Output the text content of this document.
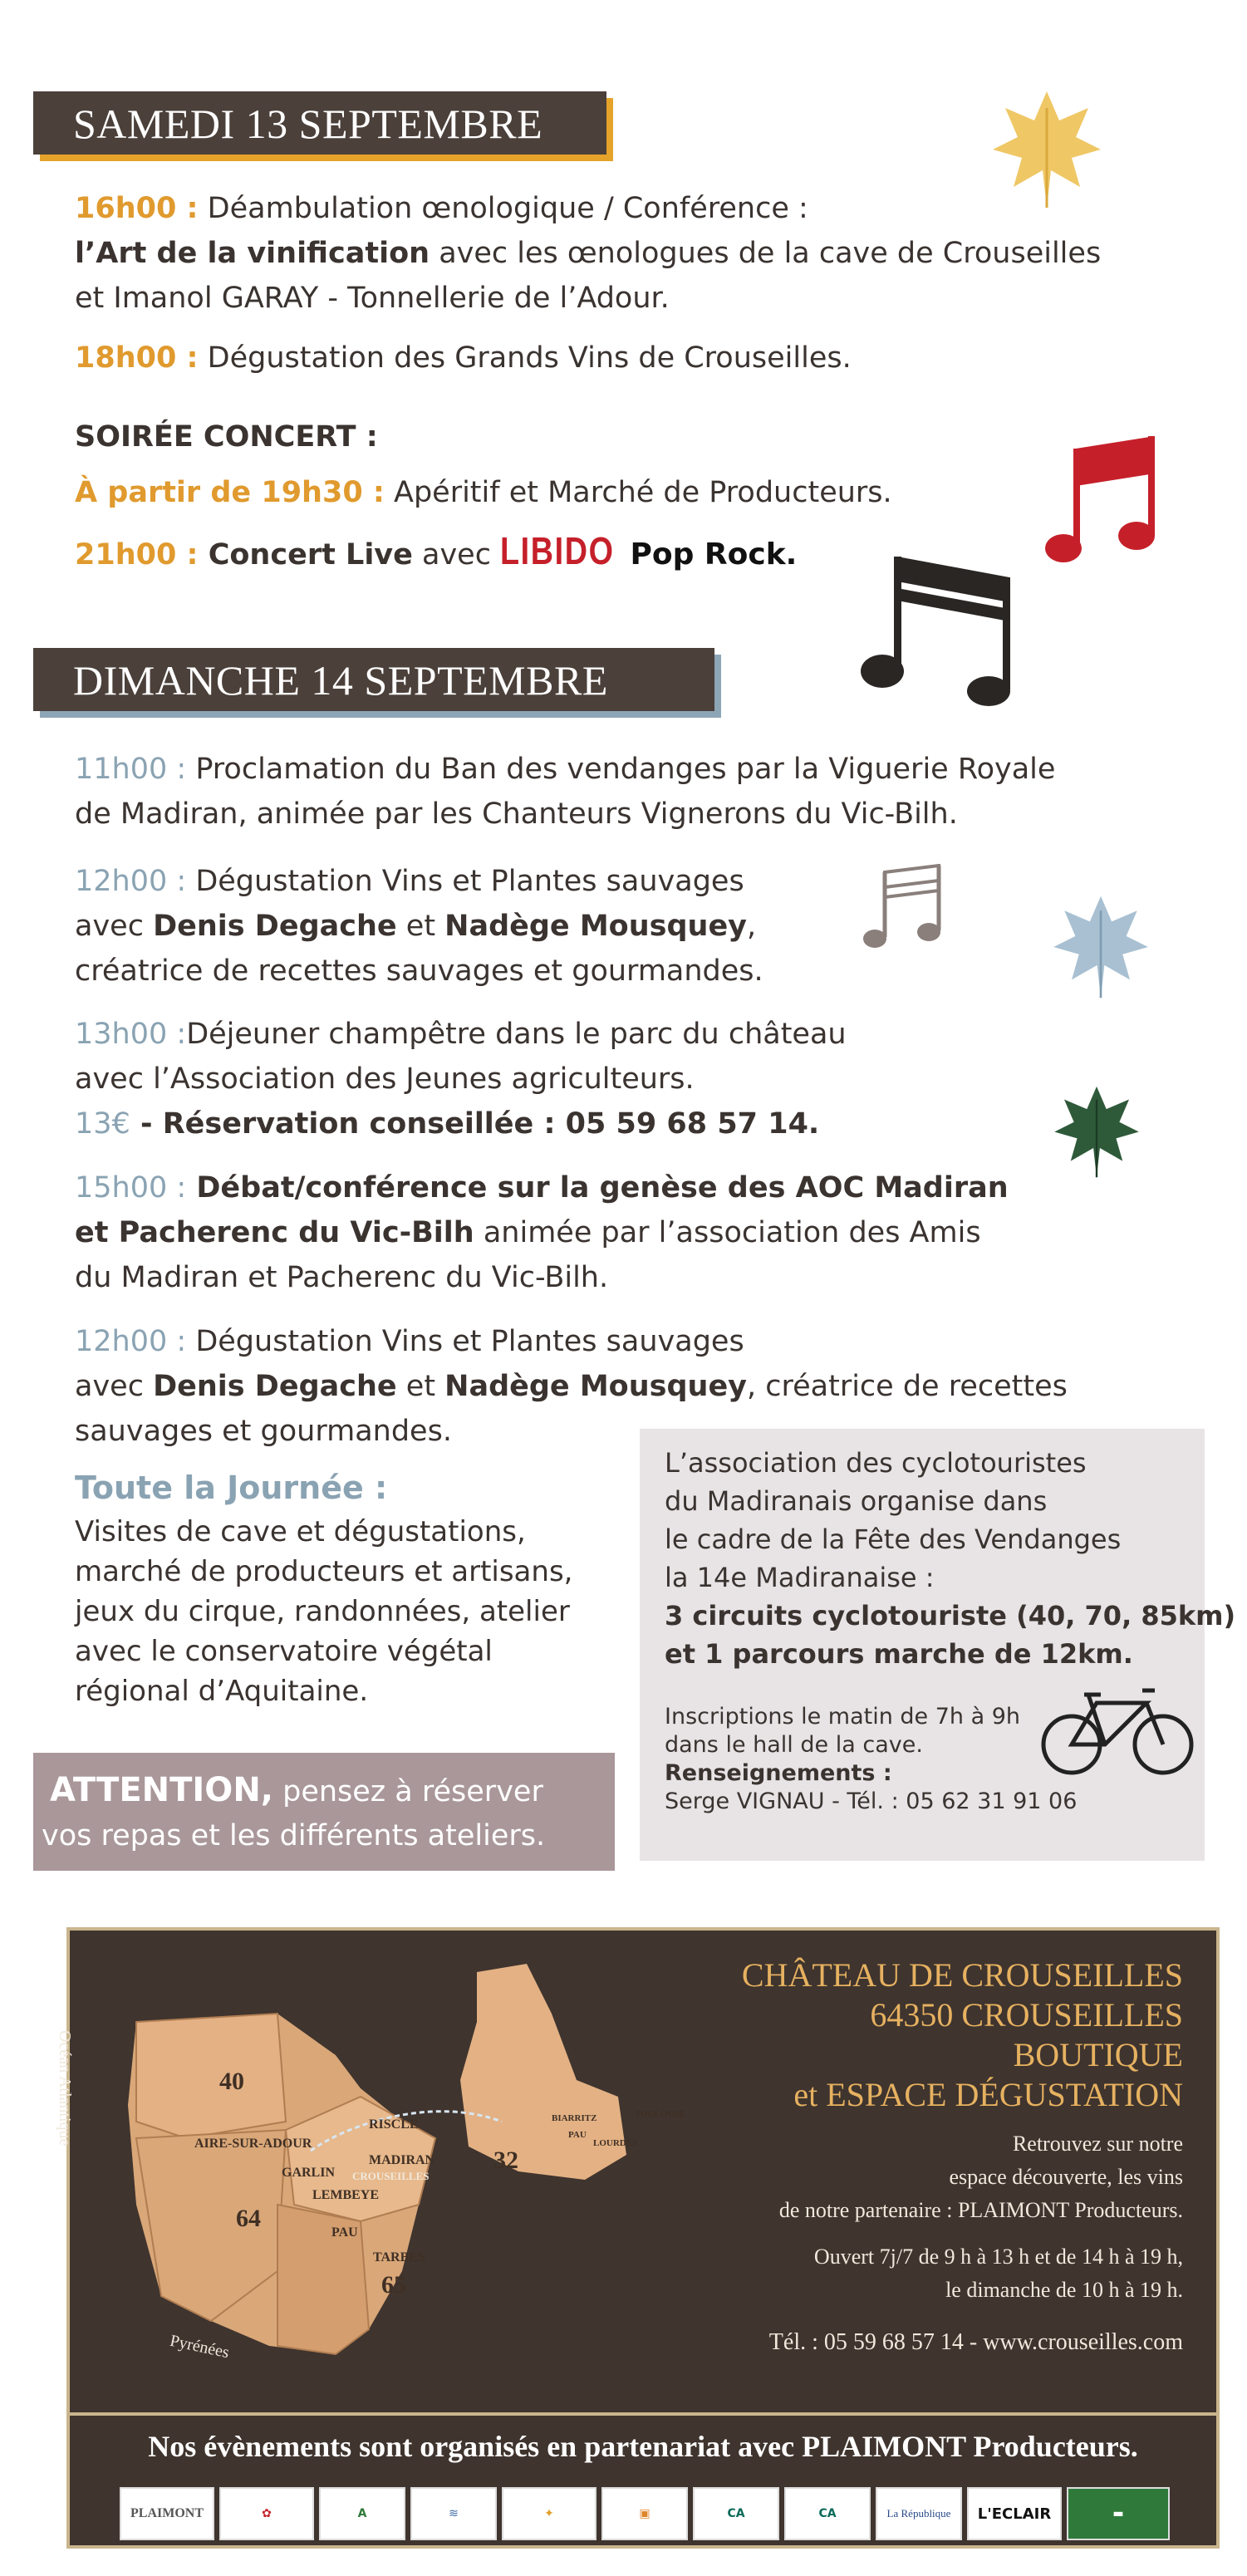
SAMEDI 13 SEPTEMBRE
16h00 : Déambulation œnologique / Conférence :
l’Art de la vinification avec les œnologues de la cave de Crouseilles
et Imanol GARAY - Tonnellerie de l’Adour.
18h00 : Dégustation des Grands Vins de Crouseilles.
SOIRÉE CONCERT :
À partir de 19h30 : Apéritif et Marché de Producteurs.
21h00 : Concert Live avec LIBIDO Pop Rock.
DIMANCHE 14 SEPTEMBRE
11h00 : Proclamation du Ban des vendanges par la Viguerie Royale
de Madiran, animée par les Chanteurs Vignerons du Vic-Bilh.
12h00 : Dégustation Vins et Plantes sauvages
avec Denis Degache et Nadège Mousquey,
créatrice de recettes sauvages et gourmandes.
13h00 :Déjeuner champêtre dans le parc du château
avec l’Association des Jeunes agriculteurs.
13€ - Réservation conseillée : 05 59 68 57 14.
15h00 : Débat/conférence sur la genèse des AOC Madiran
et Pacherenc du Vic-Bilh animée par l’association des Amis
du Madiran et Pacherenc du Vic-Bilh.
12h00 : Dégustation Vins et Plantes sauvages
avec Denis Degache et Nadège Mousquey, créatrice de recettes
sauvages et gourmandes.
Toute la Journée :
Visites de cave et dégustations,
marché de producteurs et artisans,
jeux du cirque, randonnées, atelier
avec le conservatoire végétal
régional d’Aquitaine.
L’association des cyclotouristes
du Madiranais organise dans
le cadre de la Fête des Vendanges
la 14e Madiranaise :
3 circuits cyclotouriste (40, 70, 85km)
et 1 parcours marche de 12km.
Inscriptions le matin de 7h à 9h
dans le hall de la cave.
Renseignements :
Serge VIGNAU - Tél. : 05 62 31 91 06
ATTENTION, pensez à réserver
vos repas et les différents ateliers.
Océan Atlantique	40
32
64
65
AIRE-SUR-ADOUR
RISCLE
MADIRAN
GARLIN CROUSEILLES
LEMBEYE
PAU
TARBES
Pyrénées
BIARRITZ	TOULOUSE
PAU
LOURDES
CHÂTEAU DE CROUSEILLES
64350 CROUSEILLES
BOUTIQUE
et ESPACE DÉGUSTATION
Retrouvez sur notre
espace découverte, les vins
de notre partenaire : PLAIMONT Producteurs.
Ouvert 7j/7 de 9 h à 13 h et de 14 h à 19 h,
le dimanche de 10 h à 19 h.
Tél. : 05 59 68 57 14 - www.crouseilles.com
Nos évènements sont organisés en partenariat avec PLAIMONT Producteurs.
PLAIMONT	✿	A	≋	✦	▣	CA	CA	La République L'ECLAIR	▬
